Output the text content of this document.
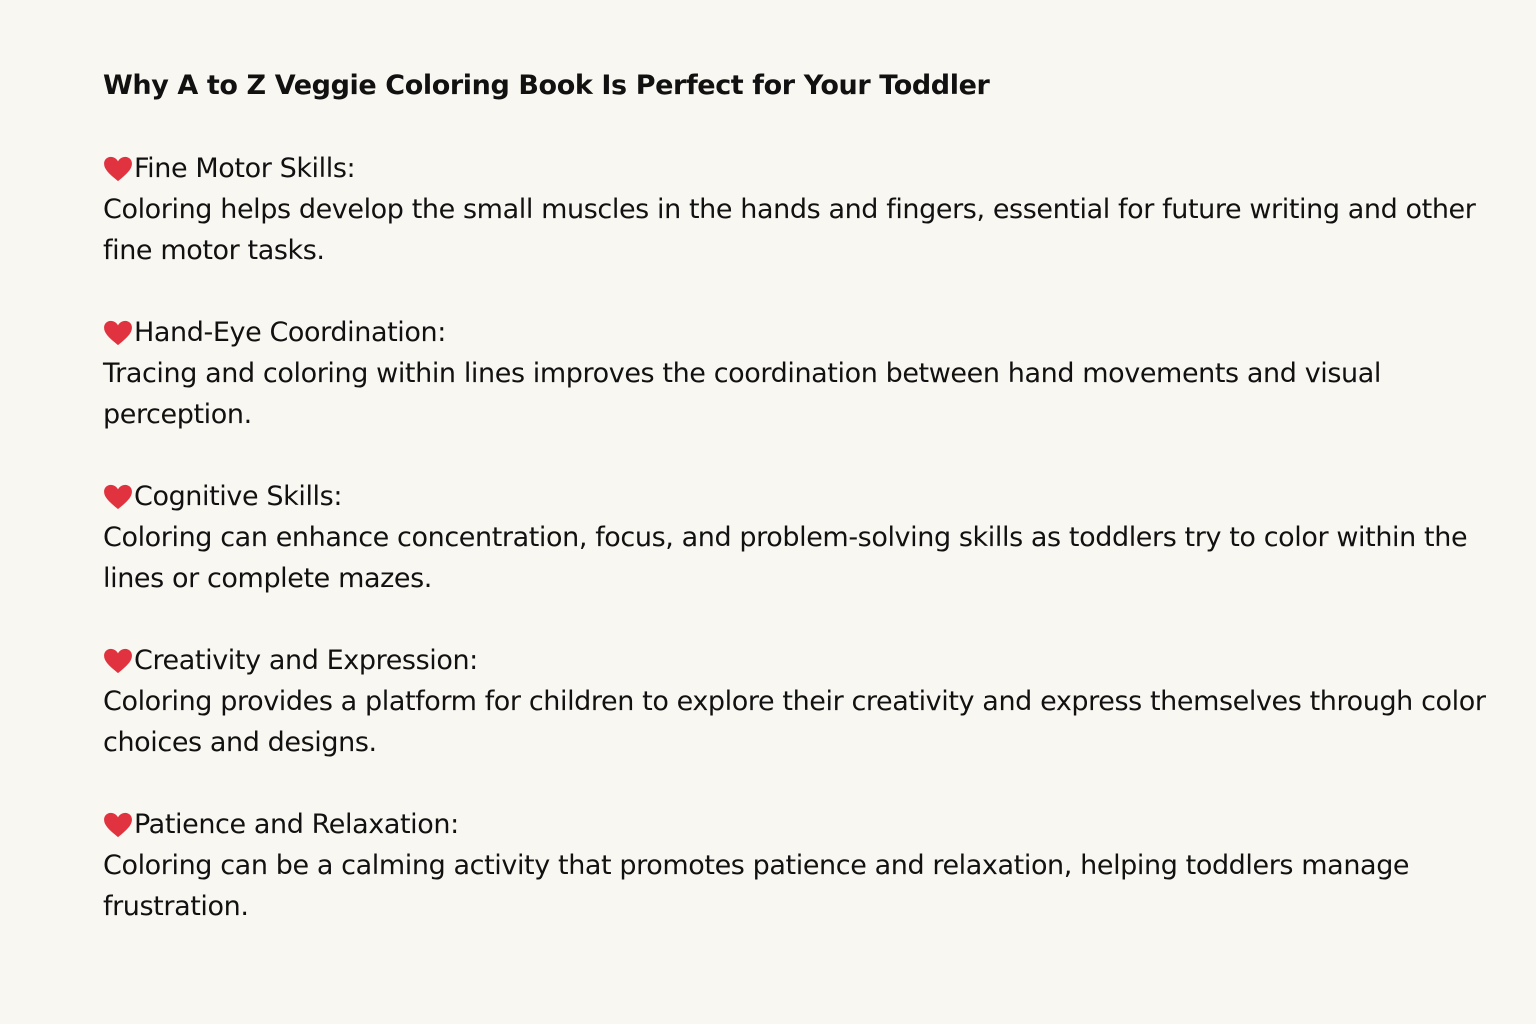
Why A to Z Veggie Coloring Book Is Perfect for Your Toddler
Fine Motor Skills:

Coloring helps develop the small muscles in the hands and fingers, essential for future writing and other fine motor tasks.

Hand-Eye Coordination:

Tracing and coloring within lines improves the coordination between hand movements and visual perception.

Cognitive Skills:

Coloring can enhance concentration, focus, and problem-solving skills as toddlers try to color within the lines or complete mazes.

Creativity and Expression:

Coloring provides a platform for children to explore their creativity and express themselves through color choices and designs.

Patience and Relaxation:

Coloring can be a calming activity that promotes patience and relaxation, helping toddlers manage frustration.
